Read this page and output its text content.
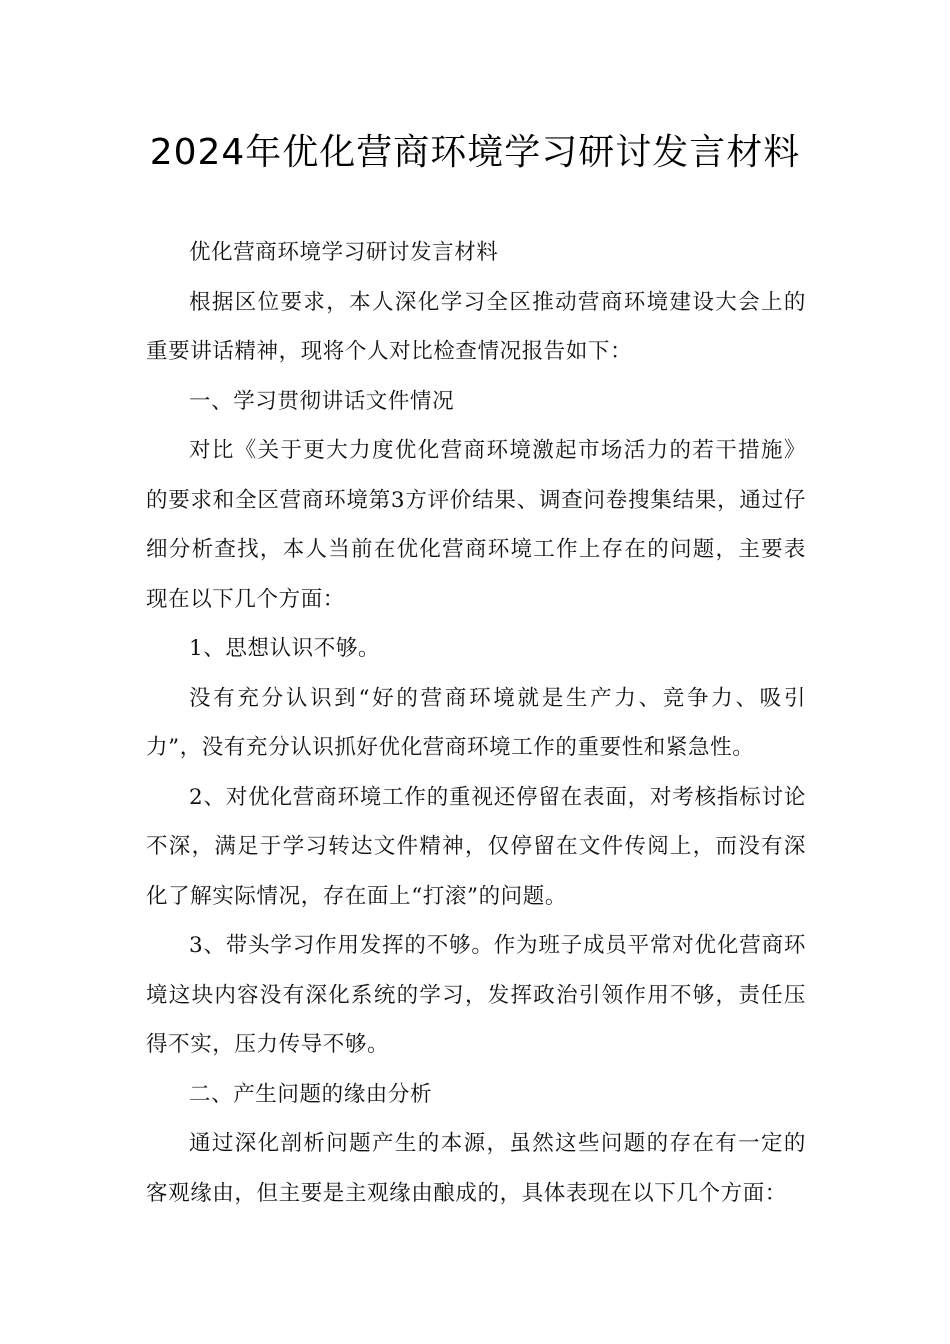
2024年优化营商环境学习研讨发言材料

优化营商环境学习研讨发言材料

根据区位要求，本人深化学习全区推动营商环境建设大会上的重要讲话精神，现将个人对比检查情况报告如下：

一、学习贯彻讲话文件情况

对比《关于更大力度优化营商环境激起市场活力的若干措施》的要求和全区营商环境第3方评价结果、调查问卷搜集结果，通过仔细分析查找，本人当前在优化营商环境工作上存在的问题，主要表现在以下几个方面：

1、思想认识不够。

没有充分认识到“好的营商环境就是生产力、竞争力、吸引力”，没有充分认识抓好优化营商环境工作的重要性和紧急性。

2、对优化营商环境工作的重视还停留在表面，对考核指标讨论不深，满足于学习转达文件精神，仅停留在文件传阅上，而没有深化了解实际情况，存在面上“打滚”的问题。

3、带头学习作用发挥的不够。作为班子成员平常对优化营商环境这块内容没有深化系统的学习，发挥政治引领作用不够，责任压得不实，压力传导不够。

二、产生问题的缘由分析

通过深化剖析问题产生的本源，虽然这些问题的存在有一定的客观缘由，但主要是主观缘由酿成的，具体表现在以下几个方面：
